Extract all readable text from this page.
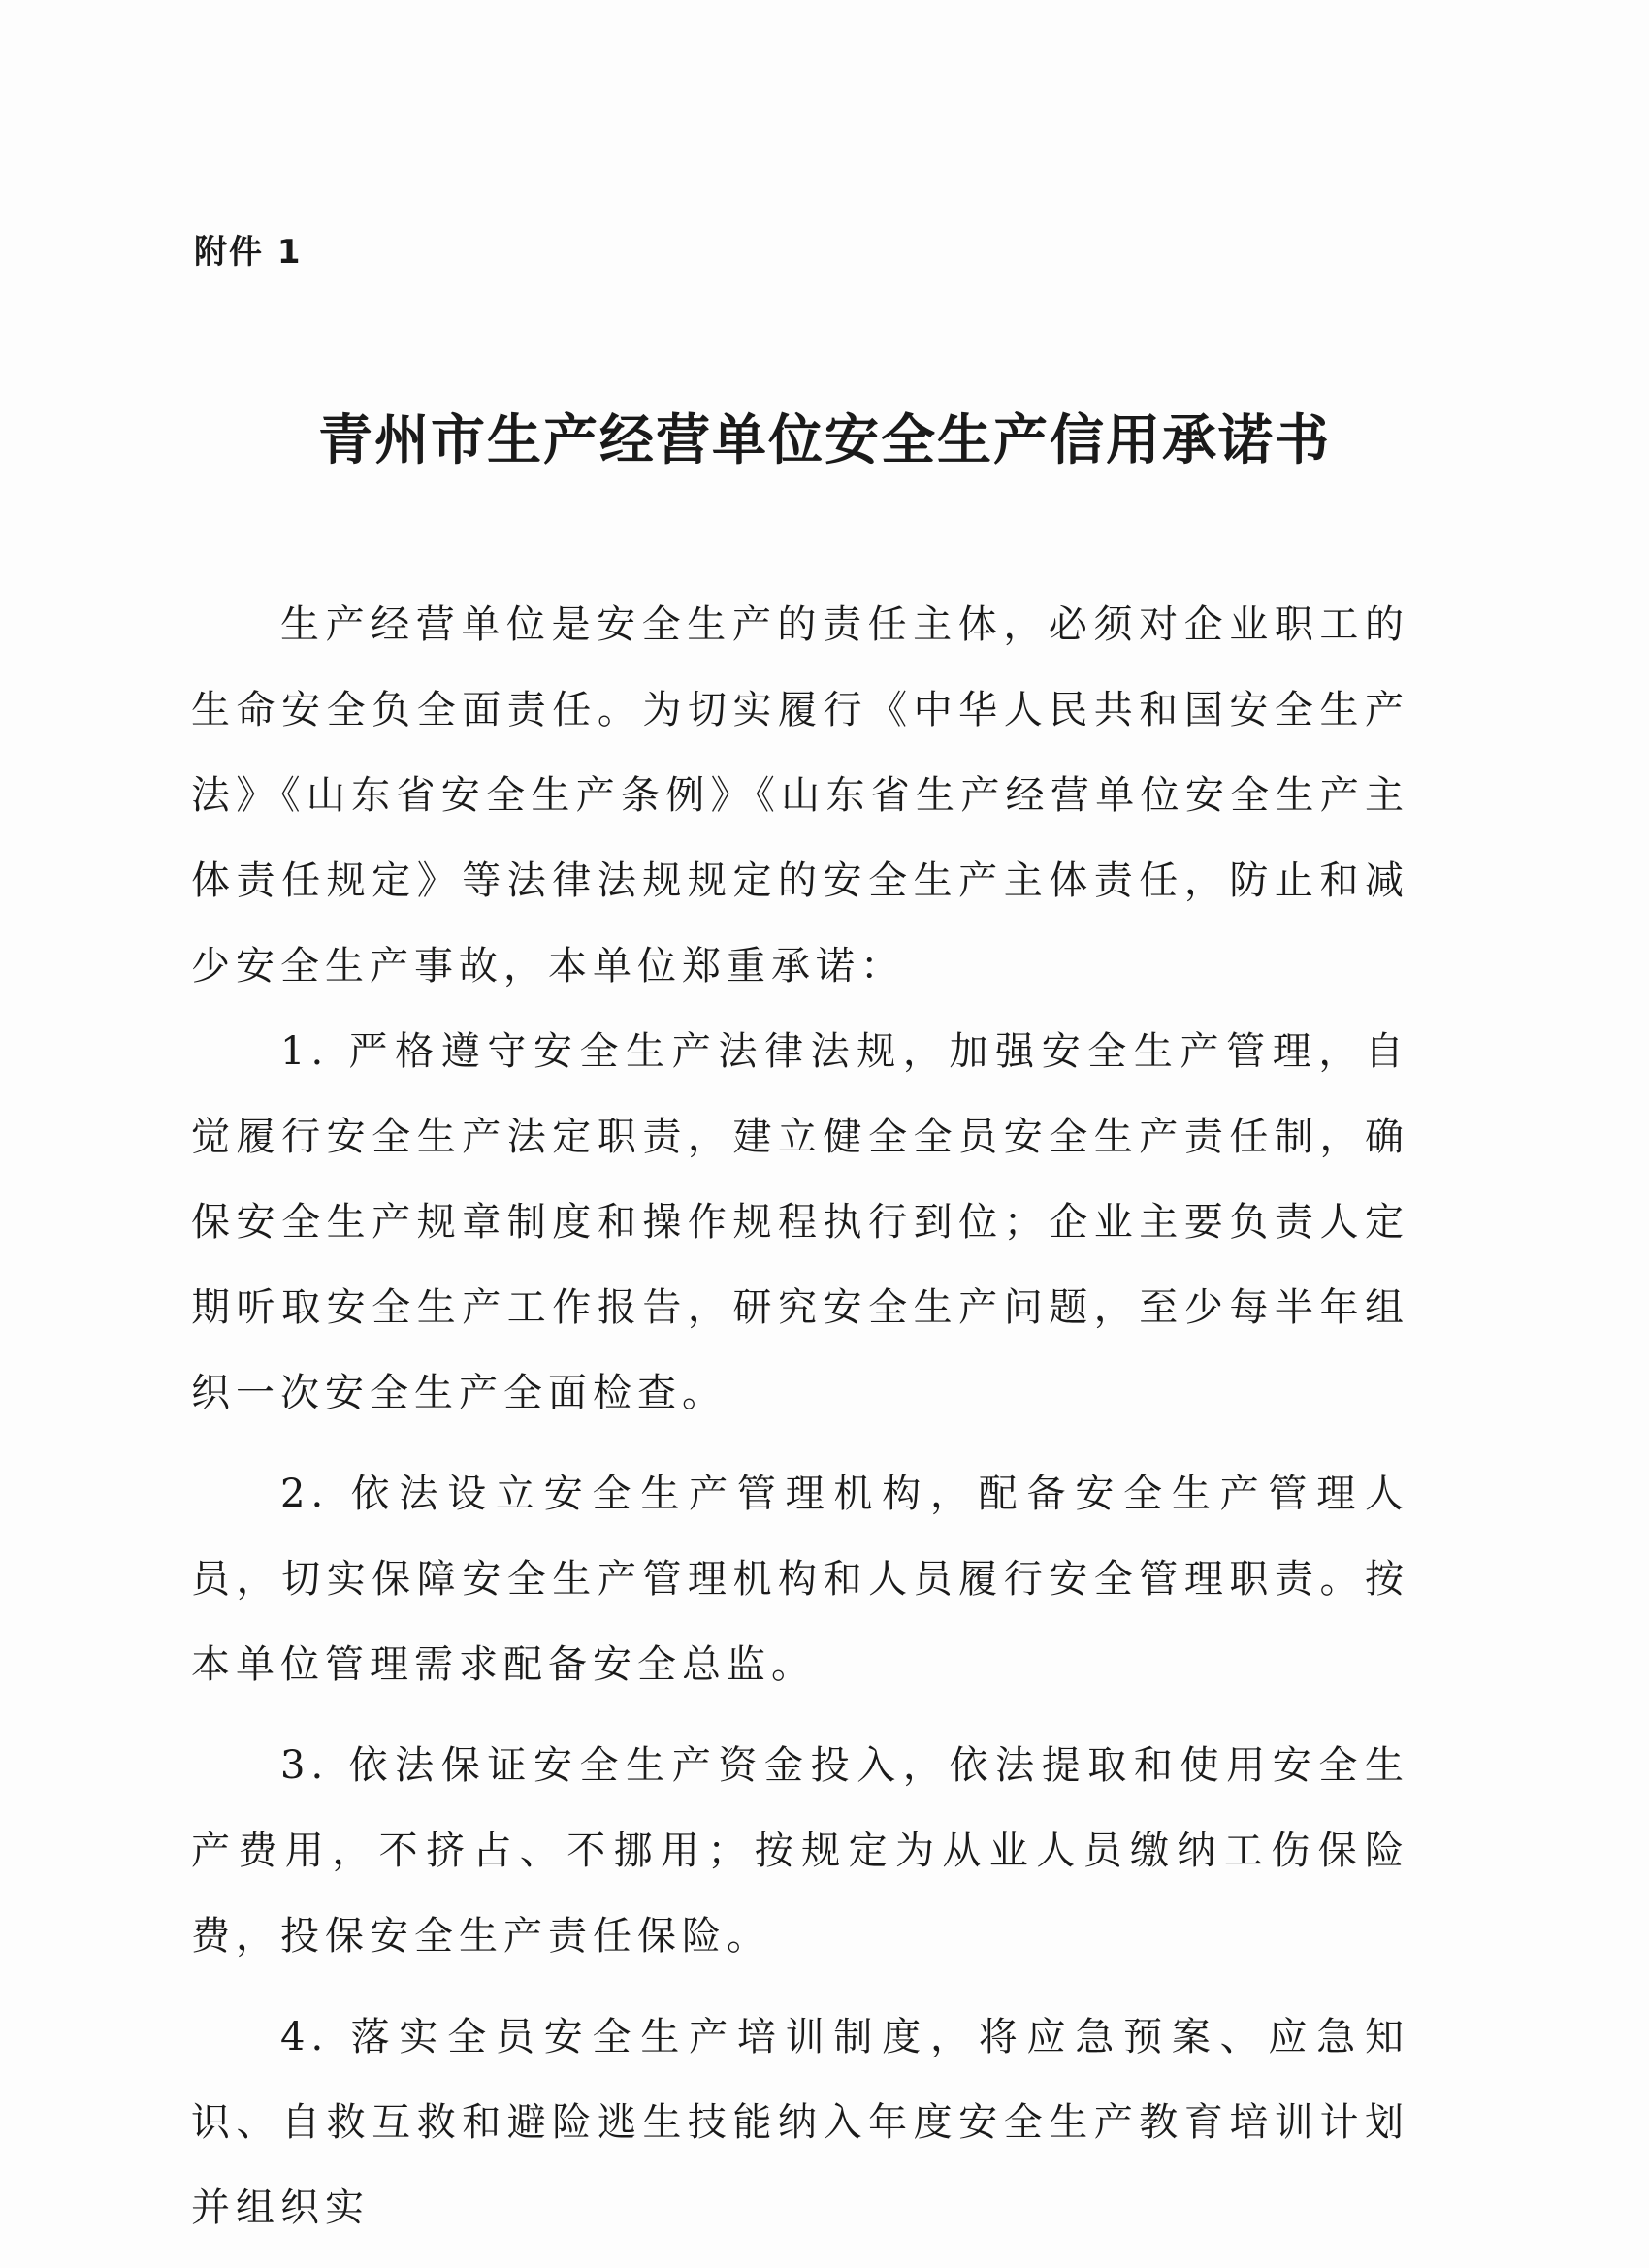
附件 1
青州市生产经营单位安全生产信用承诺书

生产经营单位是安全生产的责任主体，必须对企业职工的生命安全负全面责任。为切实履行《中华人民共和国安全生产法》《山东省安全生产条例》《山东省生产经营单位安全生产主体责任规定》等法律法规规定的安全生产主体责任，防止和减少安全生产事故，本单位郑重承诺：

1. 严格遵守安全生产法律法规，加强安全生产管理，自觉履行安全生产法定职责，建立健全全员安全生产责任制，确保安全生产规章制度和操作规程执行到位；企业主要负责人定期听取安全生产工作报告，研究安全生产问题，至少每半年组织一次安全生产全面检查。

2. 依法设立安全生产管理机构，配备安全生产管理人员，切实保障安全生产管理机构和人员履行安全管理职责。按本单位管理需求配备安全总监。

3. 依法保证安全生产资金投入，依法提取和使用安全生产费用，不挤占、不挪用；按规定为从业人员缴纳工伤保险费，投保安全生产责任保险。

4. 落实全员安全生产培训制度，将应急预案、应急知识、自救互救和避险逃生技能纳入年度安全生产教育培训计划并组织实
